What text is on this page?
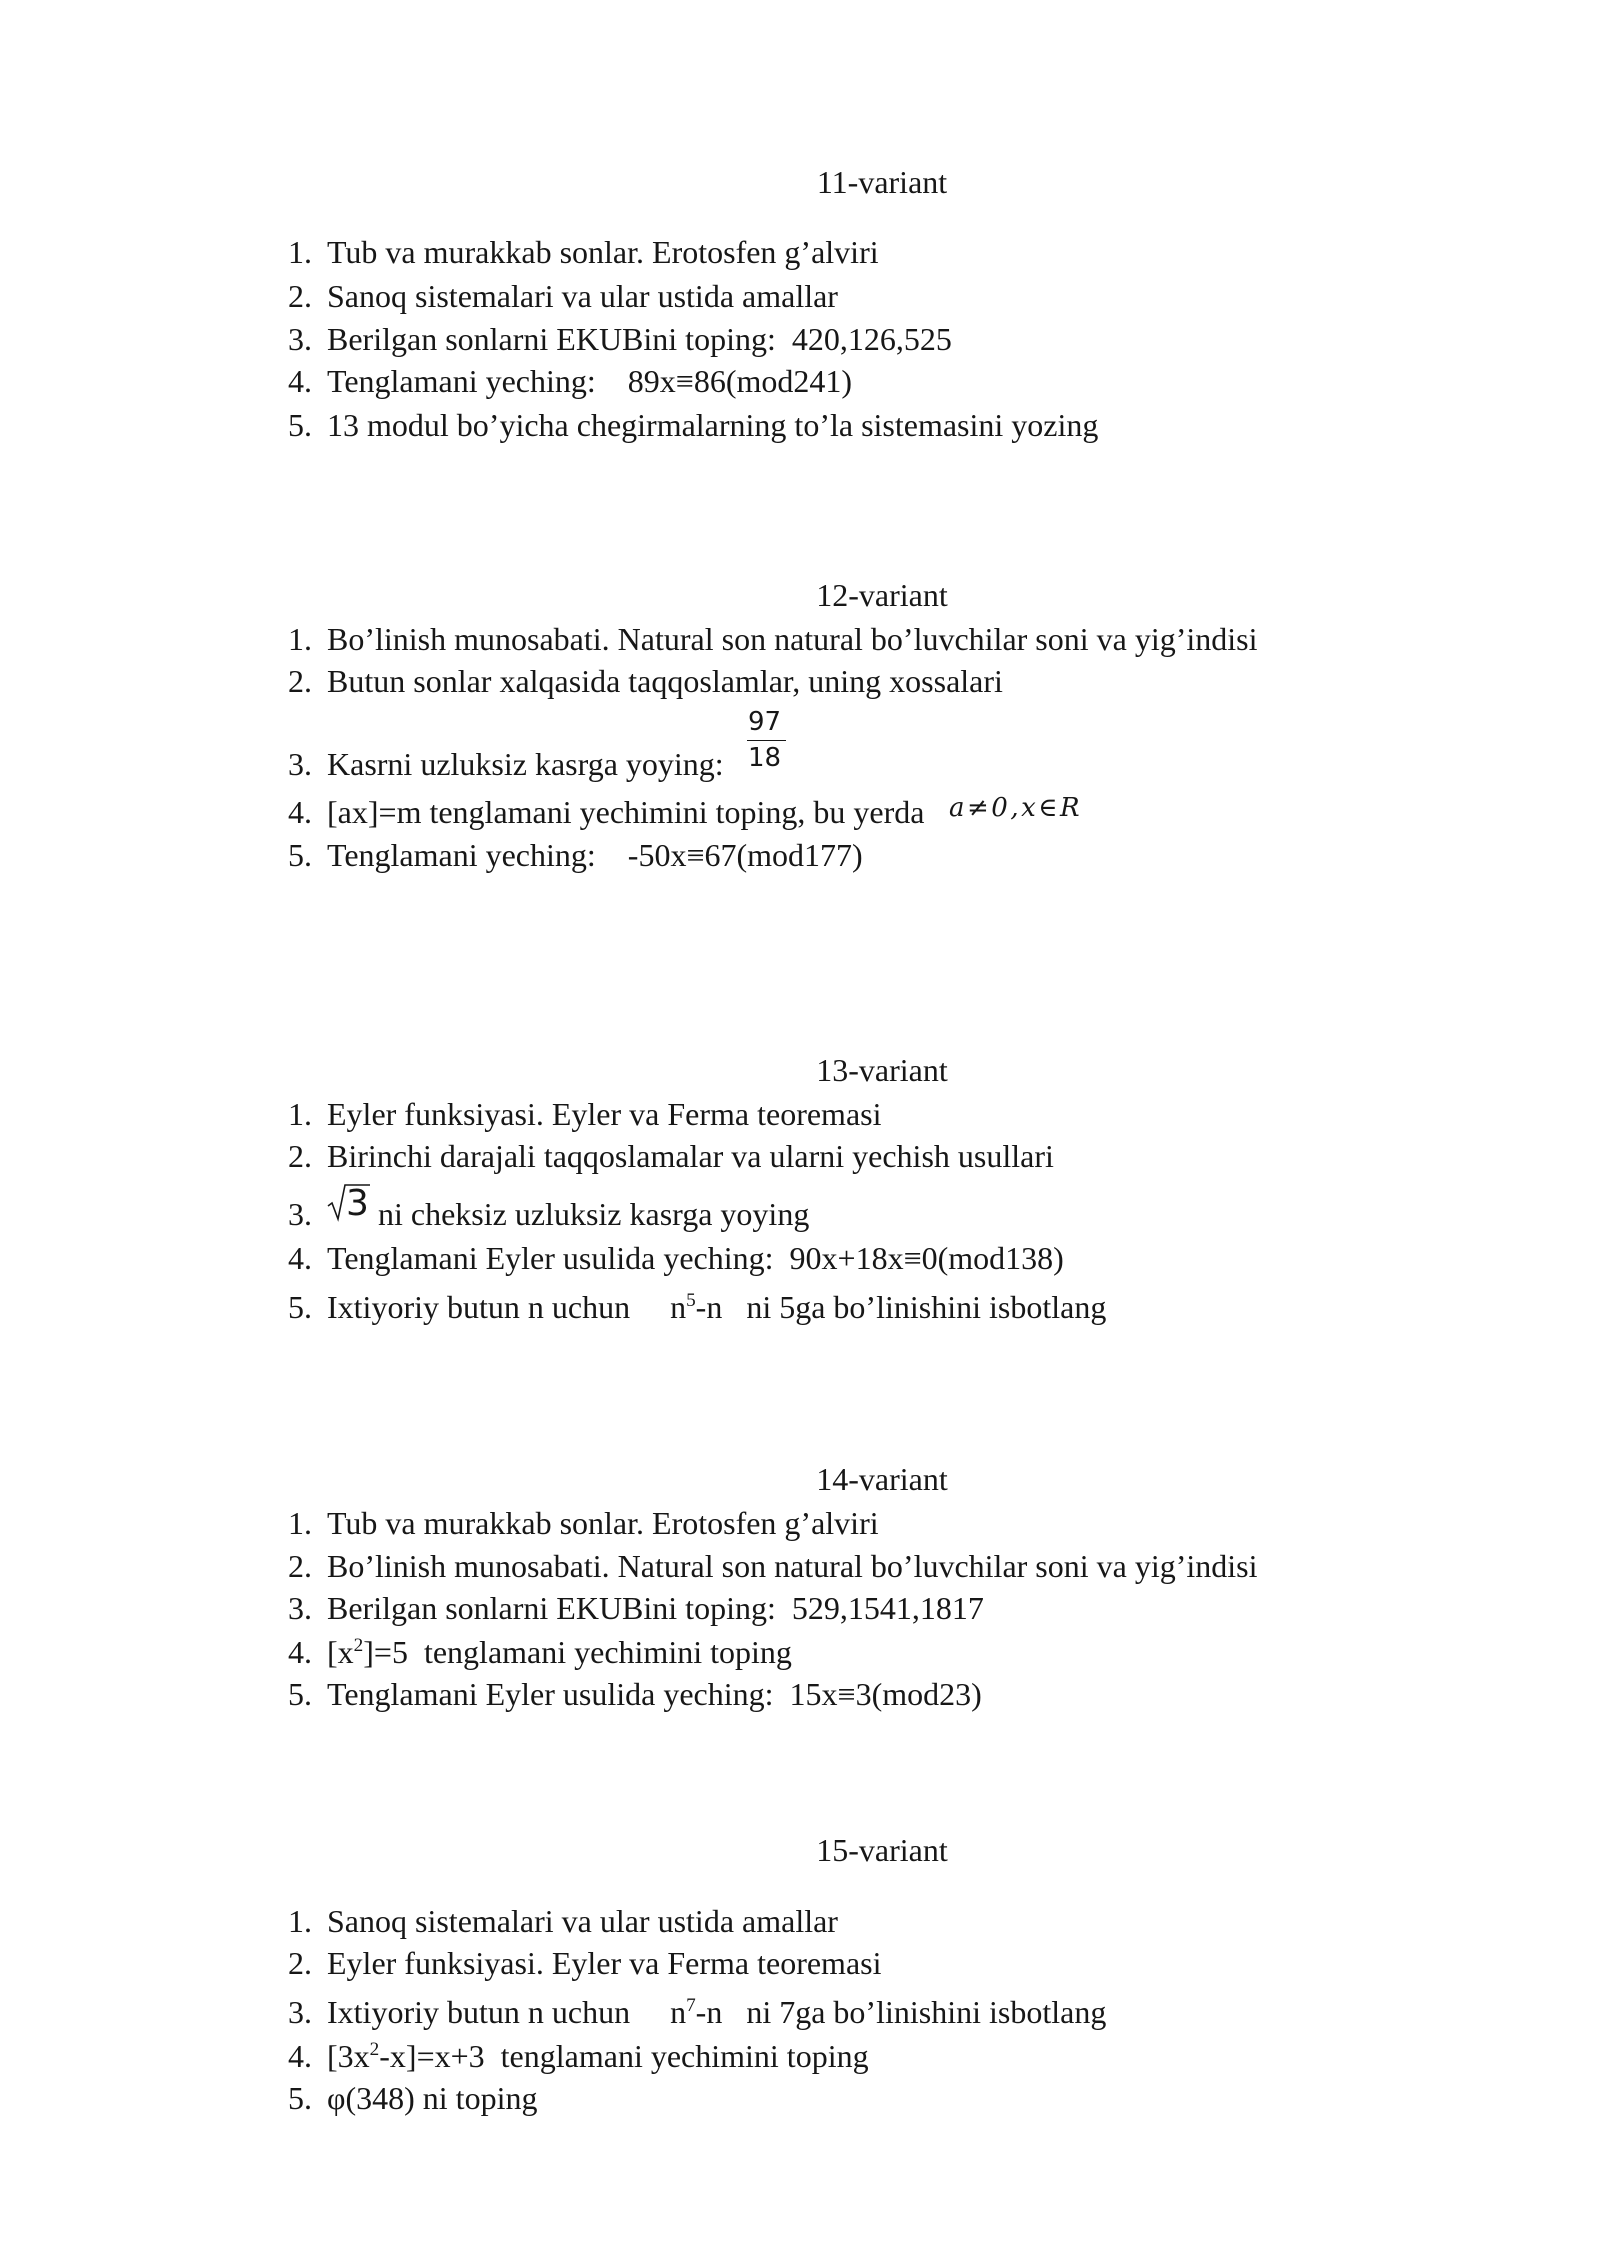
11-variant

1.

Tub va murakkab sonlar. Erotosfen g’alviri

2.

Sanoq sistemalari va ular ustida amallar

3.

Berilgan sonlarni EKUBini toping:  420,126,525

4.

Tenglamani yeching:    89x≡86(mod241)

5.

13 modul bo’yicha chegirmalarning to’la sistemasini yozing

12-variant

1.

Bo’linish munosabati. Natural son natural bo’luvchilar soni va yig’indisi

2.

Butun sonlar xalqasida taqqoslamlar, uning xossalari

97
18

3.

Kasrni uzluksiz kasrga yoying:

4.

[ax]=m tenglamani yechimini toping, bu yerda

a≠0,x∈R

5.

Tenglamani yeching:    -50x≡67(mod177)

13-variant

1.

Eyler funksiyasi. Eyler va Ferma teoremasi

2.

Birinchi darajali taqqoslamalar va ularni yechish usullari

3

3.

ni cheksiz uzluksiz kasrga yoying

4.

Tenglamani Eyler usulida yeching:  90x+18x≡0(mod138)

5.

Ixtiyoriy butun n uchun     $n^5-n$   ni 5ga bo’linishini isbotlang

14-variant

1.

Tub va murakkab sonlar. Erotosfen g’alviri

2.

Bo’linish munosabati. Natural son natural bo’luvchilar soni va yig’indisi

3.

Berilgan sonlarni EKUBini toping:  529,1541,1817

4.

$[x^2]=5$  tenglamani yechimini toping

5.

Tenglamani Eyler usulida yeching:  15x≡3(mod23)

15-variant

1.

Sanoq sistemalari va ular ustida amallar

2.

Eyler funksiyasi. Eyler va Ferma teoremasi

3.

Ixtiyoriy butun n uchun     $n^7-n$   ni 7ga bo’linishini isbotlang

4.

$[3x^2-x]=x+3$  tenglamani yechimini toping

5.

φ(348) ni toping
